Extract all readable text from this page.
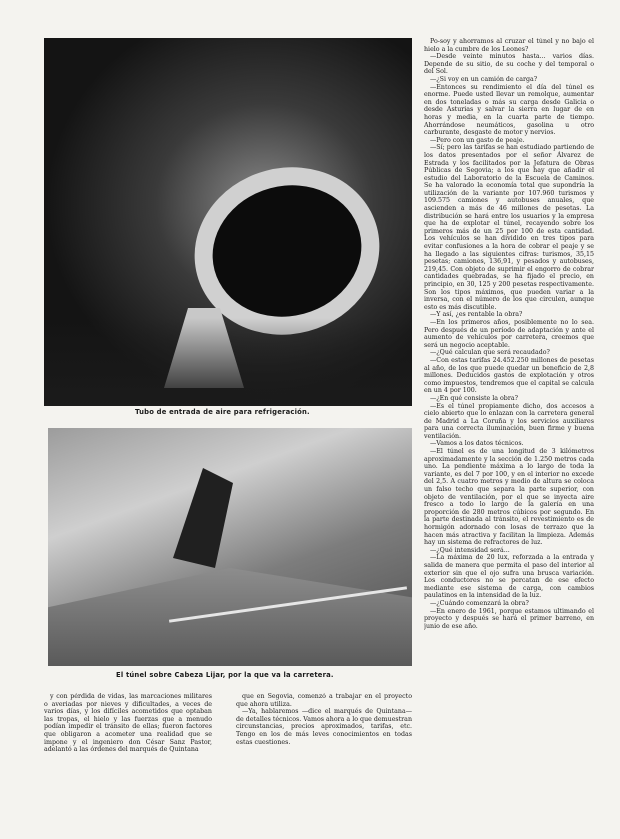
Tubo de entrada de aire para refrigeración.
El túnel sobre Cabeza Lijar, por la que va la carretera.

Po-soy y ahorramos al cruzar el túnel y no bajo el hielo a la cumbre de los Leones?

—Desde veinte minutos hasta... varios días. Depende de su sitio, de su coche y del temporal o del Sol.

—¿Si voy en un camión de carga?

—Entonces su rendimiento el día del túnel es enorme. Puede usted llevar un remolque, aumentar en dos toneladas o más su carga desde Galicia o desde Asturias y salvar la sierra en lugar de en horas y media, en la cuarta parte de tiempo. Ahorrándose neumáticos, gasolina u otro carburante, desgaste de motor y nervios.

—Pero con un gasto de peaje.

—Sí; pero las tarifas se han estudiado partiendo de los datos presentados por el señor Álvarez de Estrada y los facilitados por la Jefatura de Obras Públicas de Segovia; a los que hay que añadir el estudio del Laboratorio de la Escuela de Caminos. Se ha valorado la economía total que supondría la utilización de la variante por 107.960 turismos y 109.575 camiones y autobuses anuales, que ascienden a más de 46 millones de pesetas. La distribución se hará entre los usuarios y la empresa que ha de explotar el túnel, recayendo sobre los primeros más de un 25 por 100 de esta cantidad. Los vehículos se han dividido en tres tipos para evitar confusiones a la hora de cobrar el peaje y se ha llegado a las siguientes cifras: turismos, 35,15 pesetas; camiones, 136,91, y pesados y autobuses, 219,45. Con objeto de suprimir el engorro de cobrar cantidades quebradas, se ha fijado el precio, en principio, en 30, 125 y 200 pesetas respectivamente. Son los tipos máximos, que pueden variar a la inversa, con el número de los que circulen, aunque esto es más discutible.

—Y así, ¿es rentable la obra?

—En los primeros años, posiblemente no lo sea. Pero después de un período de adaptación y ante el aumento de vehículos por carretera, creemos que será un negocio aceptable.

—¿Qué calculan que será recaudado?

—Con estas tarifas 24.452.250 millones de pesetas al año, de los que puede quedar un beneficio de 2,8 millones. Deducidos gastos de explotación y otros como impuestos, tendremos que el capital se calcula en un 4 por 100.

—¿En qué consiste la obra?

—Es el túnel propiamente dicho, dos accesos a cielo abierto que lo enlazan con la carretera general de Madrid a La Coruña y los servicios auxiliares para una correcta iluminación, buen firme y buena ventilación.

—Vamos a los datos técnicos.

—El túnel es de una longitud de 3 kilómetros aproximadamente y la sección de 1.250 metros cada uno. La pendiente máxima a lo largo de toda la variante, es del 7 por 100, y en el interior no excede del 2,5. A cuatro metros y medio de altura se coloca un falso techo que separa la parte superior, con objeto de ventilación, por el que se inyecta aire fresco a todo lo largo de la galería en una proporción de 280 metros cúbicos por segundo. En la parte destinada al tránsito, el revestimiento es de hormigón adornado con losas de terrazo que la hacen más atractiva y facilitan la limpieza. Además hay un sistema de refractores de luz.

—¿Qué intensidad será...

—La máxima de 20 lux, reforzada a la entrada y salida de manera que permita el paso del interior al exterior sin que el ojo sufra una brusca variación. Los conductores no se percatan de ese efecto mediante ese sistema de carga, con cambios paulatinos en la intensidad de la luz.

—¿Cuándo comenzará la obra?

—En enero de 1961, porque estamos ultimando el proyecto y después se hará el primer barreno, en junio de ese año.

y con pérdida de vidas, las marcaciones militares o averiadas por nieves y dificultades, a veces de varios días, y los difíciles acometidos que optaban las tropas, el hielo y las fuerzas que a menudo podían impedir el tránsito de ellas; fueron factores que obligaron a acometer una realidad que se impone y el ingeniero don César Sanz Pastor, adelantó a las órdenes del marqués de Quintana

que en Segovia, comenzó a trabajar en el proyecto que ahora utiliza.

—Ya, hablaremos —dice el marqués de Quintana— de detalles técnicos. Vamos ahora a lo que demuestran circunstancias, precios aproximados, tarifas, etc. Tengo en los de más leves conocimientos en todas estas cuestiones.
